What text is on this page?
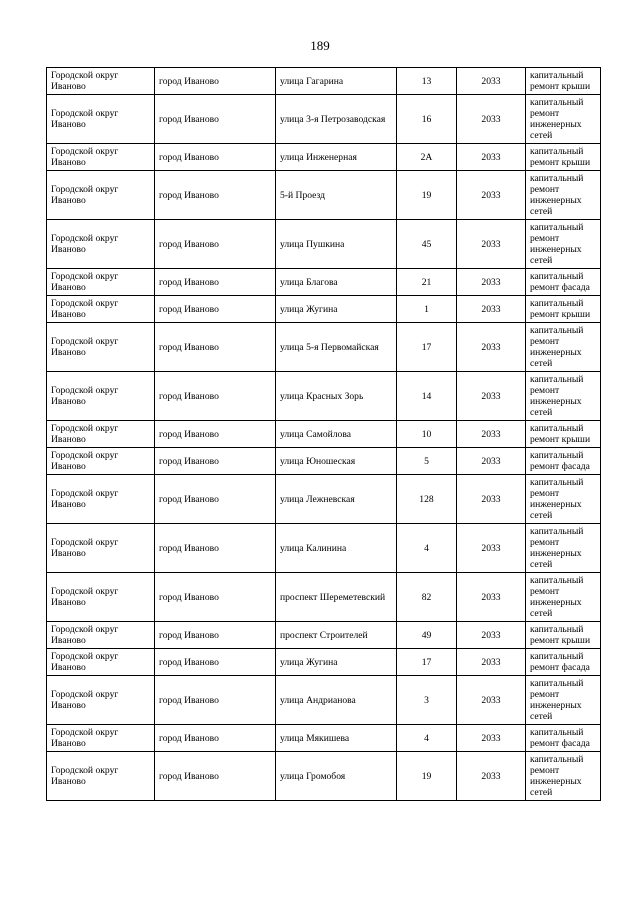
189
Городской округ Иваново	город Иваново	улица Гагарина	13	2033	капитальный ремонт крыши
Городской округ Иваново	город Иваново	улица 3-я Петрозаводская	16	2033	капитальный ремонт инженерных сетей
Городской округ Иваново	город Иваново	улица Инженерная	2А	2033	капитальный ремонт крыши
Городской округ Иваново	город Иваново	5-й Проезд	19	2033	капитальный ремонт инженерных сетей
Городской округ Иваново	город Иваново	улица Пушкина	45	2033	капитальный ремонт инженерных сетей
Городской округ Иваново	город Иваново	улица Благова	21	2033	капитальный ремонт фасада
Городской округ Иваново	город Иваново	улица Жугина	1	2033	капитальный ремонт крыши
Городской округ Иваново	город Иваново	улица 5-я Первомайская	17	2033	капитальный ремонт инженерных сетей
Городской округ Иваново	город Иваново	улица Красных Зорь	14	2033	капитальный ремонт инженерных сетей
Городской округ Иваново	город Иваново	улица Самойлова	10	2033	капитальный ремонт крыши
Городской округ Иваново	город Иваново	улица Юношеская	5	2033	капитальный ремонт фасада
Городской округ Иваново	город Иваново	улица Лежневская	128	2033	капитальный ремонт инженерных сетей
Городской округ Иваново	город Иваново	улица Калинина	4	2033	капитальный ремонт инженерных сетей
Городской округ Иваново	город Иваново	проспект Шереметевский	82	2033	капитальный ремонт инженерных сетей
Городской округ Иваново	город Иваново	проспект Строителей	49	2033	капитальный ремонт крыши
Городской округ Иваново	город Иваново	улица Жугина	17	2033	капитальный ремонт фасада
Городской округ Иваново	город Иваново	улица Андрианова	3	2033	капитальный ремонт инженерных сетей
Городской округ Иваново	город Иваново	улица Мякишева	4	2033	капитальный ремонт фасада
Городской округ Иваново	город Иваново	улица Громобоя	19	2033	капитальный ремонт инженерных сетей
